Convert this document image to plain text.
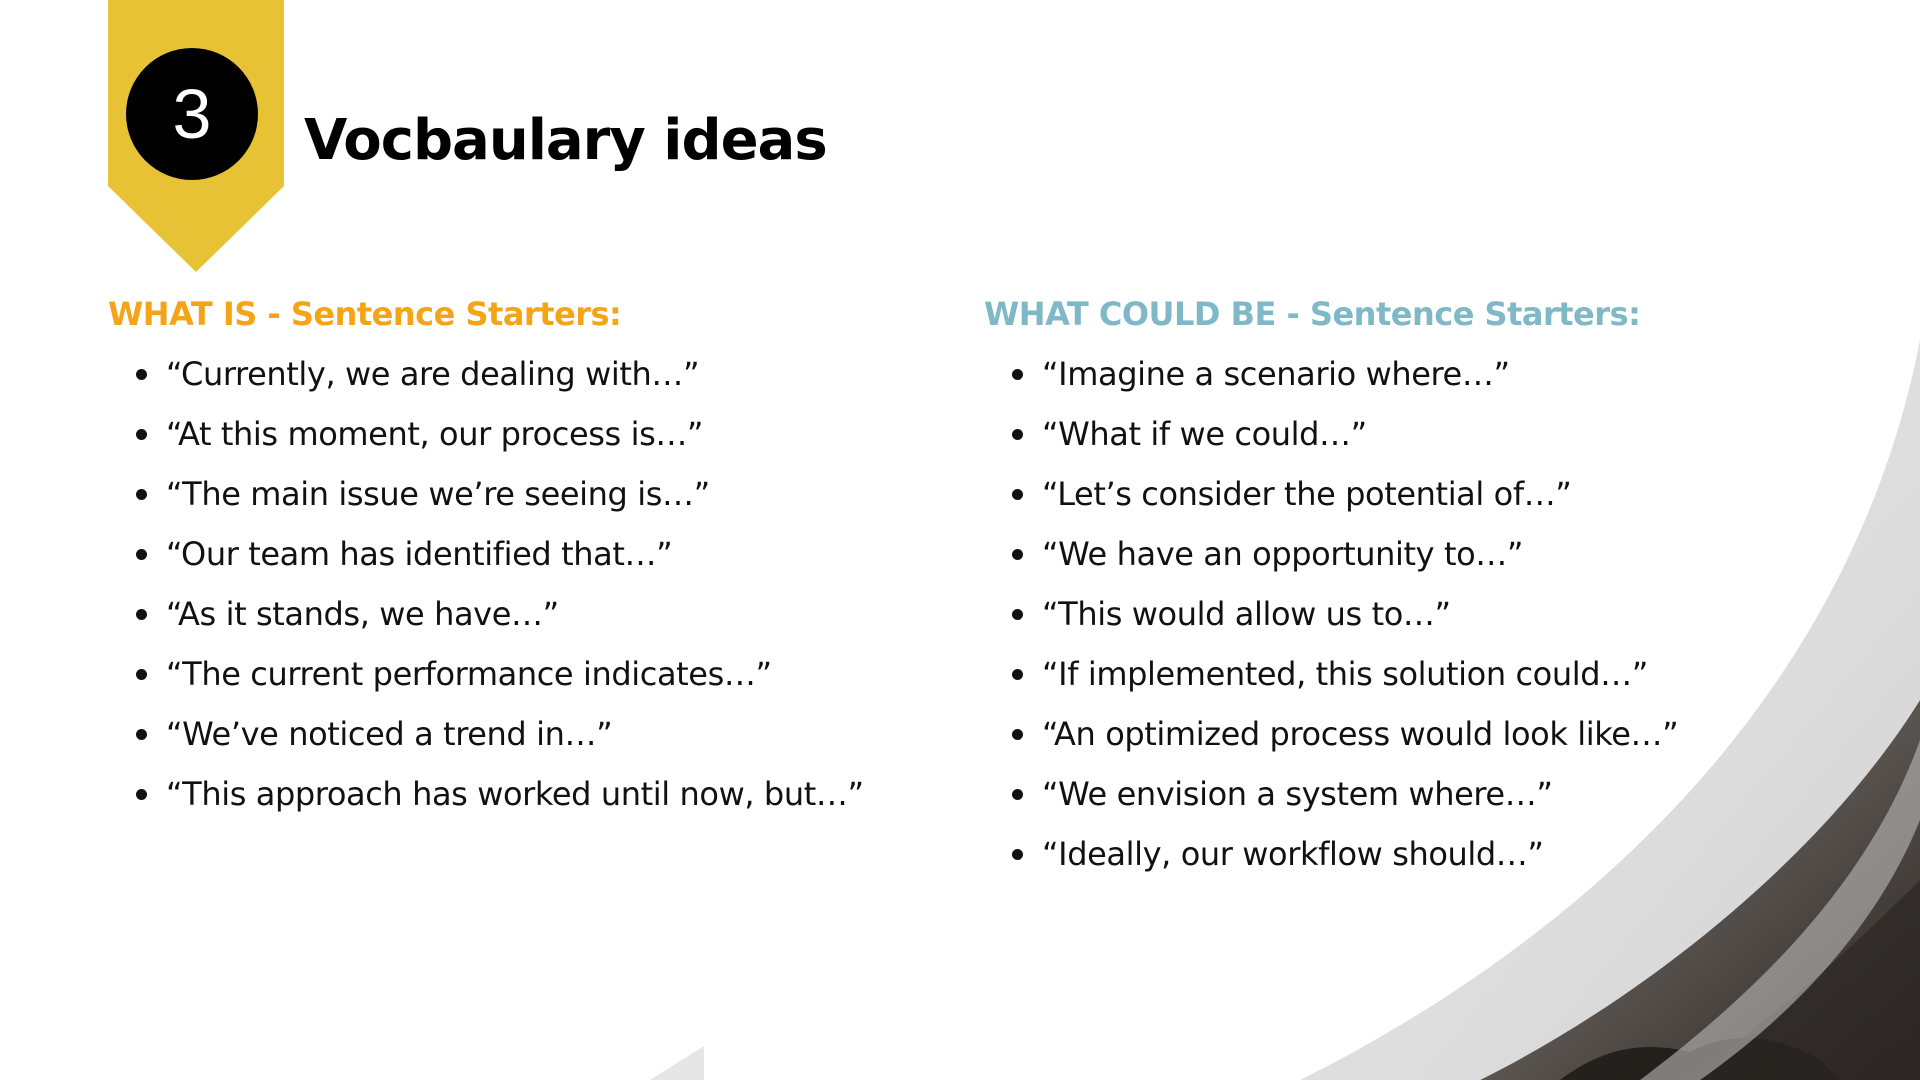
3	Vocbaulary ideas
WHAT IS - Sentence Starters:
“Currently, we are dealing with…”
“At this moment, our process is…”
“The main issue we’re seeing is…”
“Our team has identified that…”
“As it stands, we have…”
“The current performance indicates…”
“We’ve noticed a trend in…”
“This approach has worked until now, but…”
WHAT COULD BE - Sentence Starters:
“Imagine a scenario where…”
“What if we could…”
“Let’s consider the potential of…”
“We have an opportunity to…”
“This would allow us to…”
“If implemented, this solution could…”
“An optimized process would look like…”
“We envision a system where…”
“Ideally, our workflow should…”
